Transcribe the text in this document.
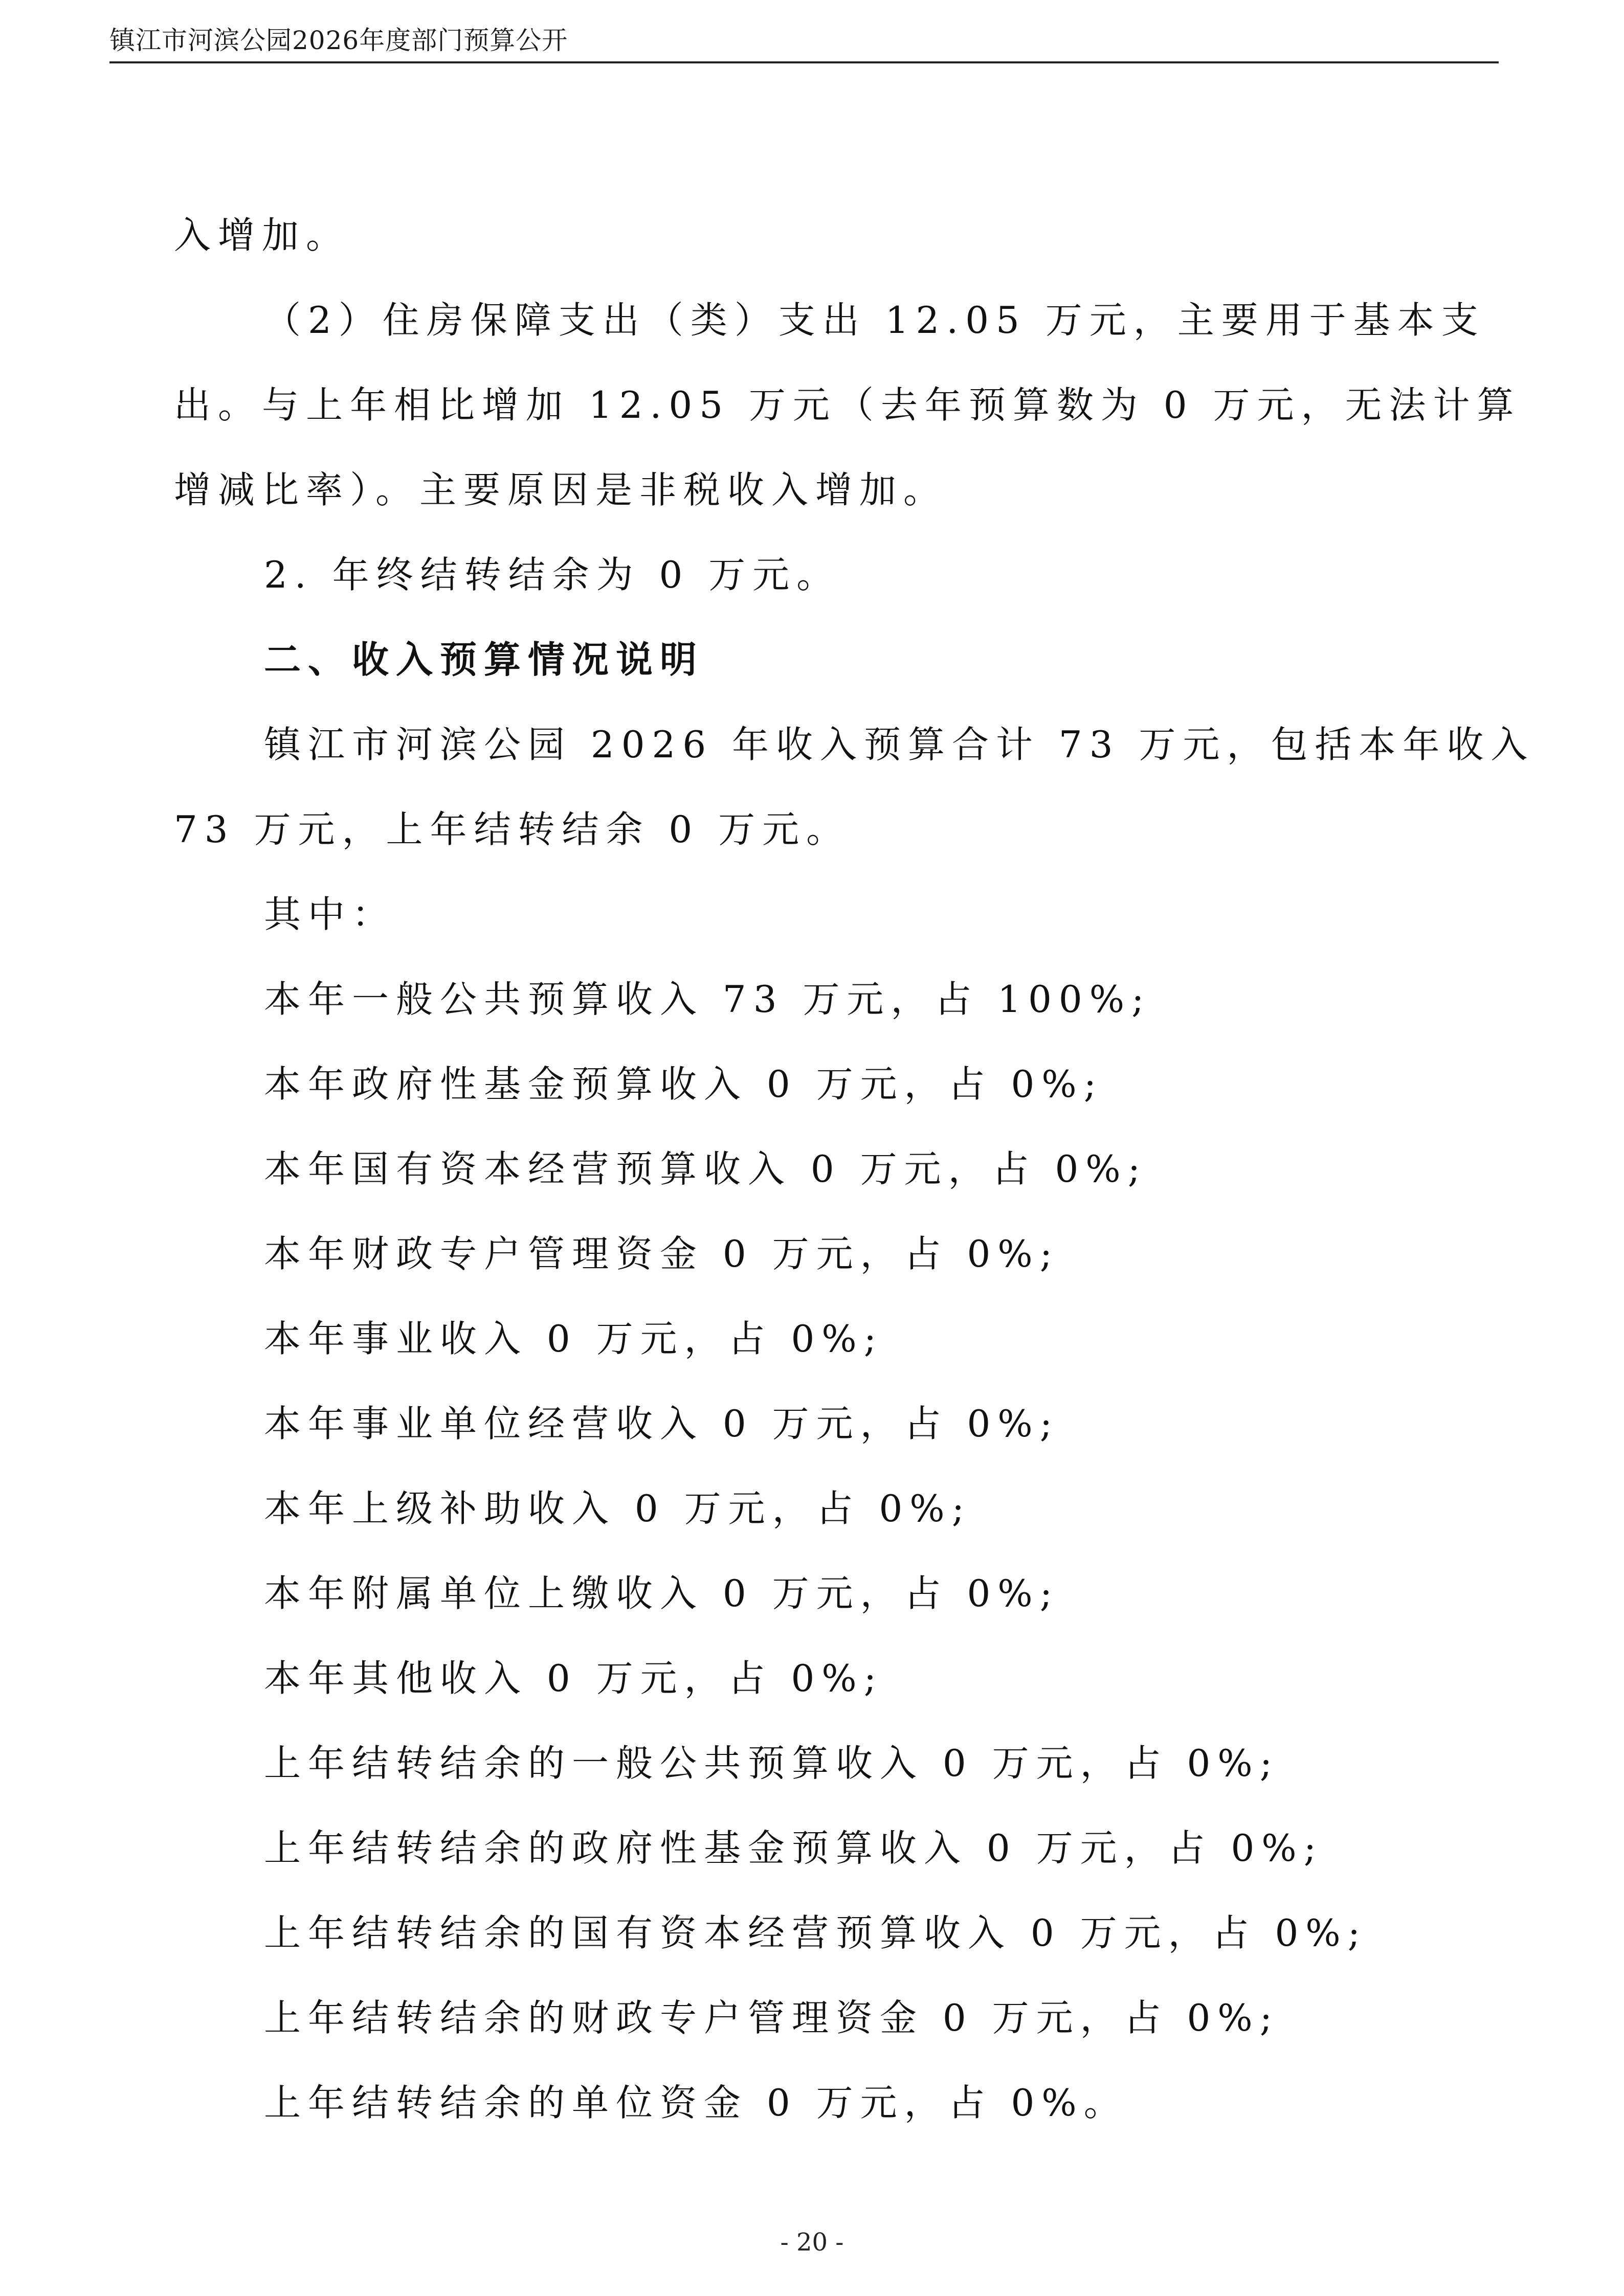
镇江市河滨公园2026年度部门预算公开
入增加。
（2）住房保障支出（类）支出 12.05 万元，主要用于基本支
出。与上年相比增加 12.05 万元（去年预算数为 0 万元，无法计算
增减比率）。主要原因是非税收入增加。
2. 年终结转结余为 0 万元。
二、收入预算情况说明
镇江市河滨公园 2026 年收入预算合计 73 万元，包括本年收入
73 万元，上年结转结余 0 万元。
其中：
本年一般公共预算收入 73 万元，占 100%;
本年政府性基金预算收入 0 万元，占 0%;
本年国有资本经营预算收入 0 万元，占 0%;
本年财政专户管理资金 0 万元，占 0%;
本年事业收入 0 万元，占 0%;
本年事业单位经营收入 0 万元，占 0%;
本年上级补助收入 0 万元，占 0%;
本年附属单位上缴收入 0 万元，占 0%;
本年其他收入 0 万元，占 0%;
上年结转结余的一般公共预算收入 0 万元，占 0%;
上年结转结余的政府性基金预算收入 0 万元，占 0%;
上年结转结余的国有资本经营预算收入 0 万元，占 0%;
上年结转结余的财政专户管理资金 0 万元，占 0%;
上年结转结余的单位资金 0 万元，占 0%。
- 20 -
